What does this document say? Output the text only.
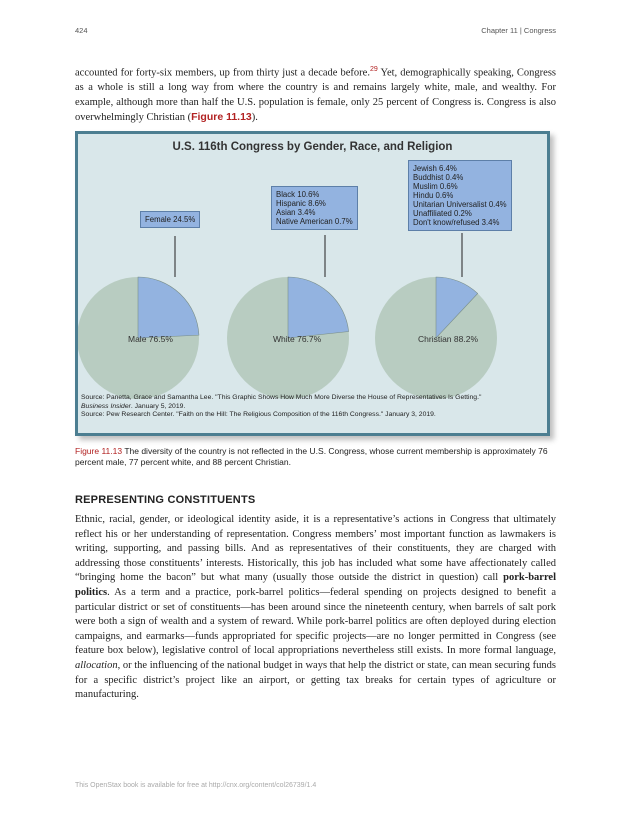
424	Chapter 11 | Congress
accounted for forty-six members, up from thirty just a decade before.$^{29}$ Yet, demographically speaking, Congress as a whole is still a long way from where the country is and remains largely white, male, and wealthy. For example, although more than half the U.S. population is female, only 25 percent of Congress is. Congress is also overwhelmingly Christian (Figure 11.13).
U.S. 116th Congress by Gender, Race, and Religion
Female 24.5%
Black 10.6%
Hispanic 8.6%
Asian 3.4%
Native American 0.7%
Jewish 6.4%
Buddhist 0.4%
Muslim 0.6%
Hindu 0.6%
Unitarian Universalist 0.4%
Unaffiliated 0.2%
Don't know/refused 3.4%
Male 76.5%	White 76.7%	Christian 88.2%
Source: Panetta, Grace and Samantha Lee. "This Graphic Shows How Much More Diverse the House of Representatives Is Getting."
Business Insider. January 5, 2019.
Source: Pew Research Center. "Faith on the Hill: The Religious Composition of the 116th Congress." January 3, 2019.
Figure 11.13 The diversity of the country is not reflected in the U.S. Congress, whose current membership is approximately 76 percent male, 77 percent white, and 88 percent Christian.
REPRESENTING CONSTITUENTS
Ethnic, racial, gender, or ideological identity aside, it is a representative’s actions in Congress that ultimately reflect his or her understanding of representation. Congress members’ most important function as lawmakers is writing, supporting, and passing bills. And as representatives of their constituents, they are charged with addressing those constituents’ interests. Historically, this job has included what some have affectionately called “bringing home the bacon” but what many (usually those outside the district in question) call pork-barrel politics. As a term and a practice, pork-barrel politics—federal spending on projects designed to benefit a particular district or set of constituents—has been around since the nineteenth century, when barrels of salt pork were both a sign of wealth and a system of reward. While pork-barrel politics are often deployed during election campaigns, and earmarks—funds appropriated for specific projects—are no longer permitted in Congress (see feature box below), legislative control of local appropriations nevertheless still exists. In more formal language, allocation, or the influencing of the national budget in ways that help the district or state, can mean securing funds for a specific district’s project like an airport, or getting tax breaks for certain types of agriculture or manufacturing.
This OpenStax book is available for free at http://cnx.org/content/col26739/1.4
